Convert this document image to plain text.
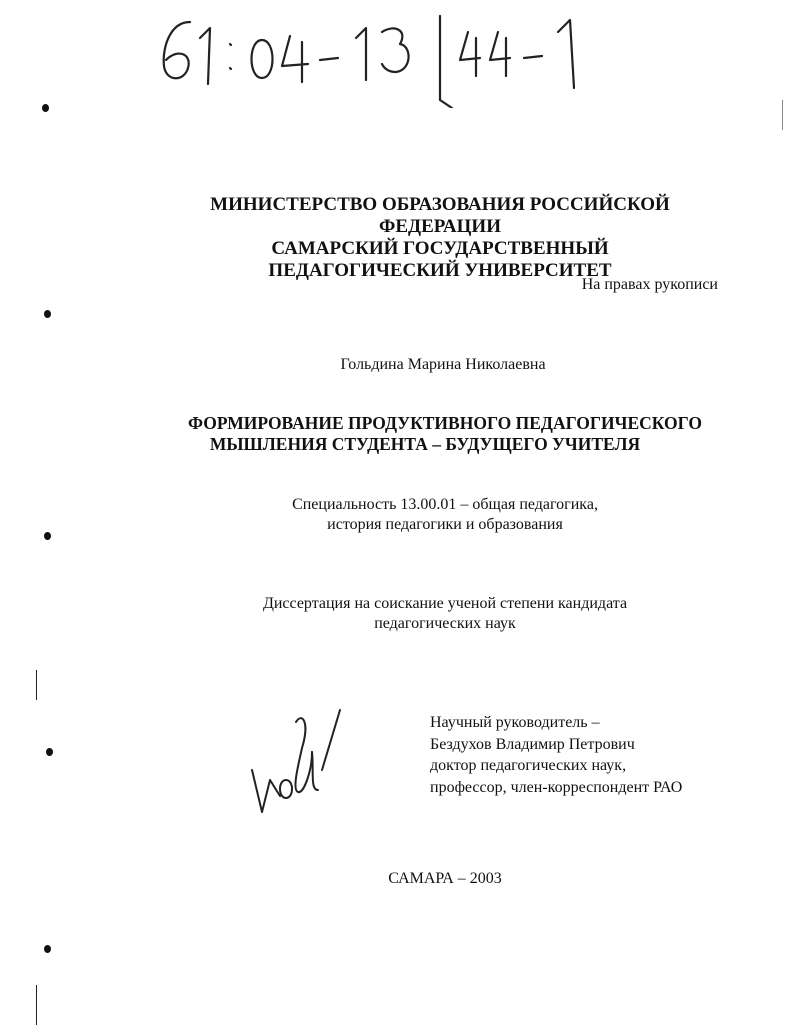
МИНИСТЕРСТВО ОБРАЗОВАНИЯ РОССИЙСКОЙ ФЕДЕРАЦИИ
САМАРСКИЙ ГОСУДАРСТВЕННЫЙ
ПЕДАГОГИЧЕСКИЙ УНИВЕРСИТЕТ
На правах рукописи
Гольдина Марина Николаевна
ФОРМИРОВАНИЕ ПРОДУКТИВНОГО ПЕДАГОГИЧЕСКОГО
МЫШЛЕНИЯ СТУДЕНТА – БУДУЩЕГО УЧИТЕЛЯ
Специальность 13.00.01 – общая педагогика,
история педагогики и образования
Диссертация на соискание ученой степени кандидата
педагогических наук
Научный руководитель –
Бездухов Владимир Петрович
доктор педагогических наук,
профессор, член-корреспондент РАО
САМАРА – 2003
